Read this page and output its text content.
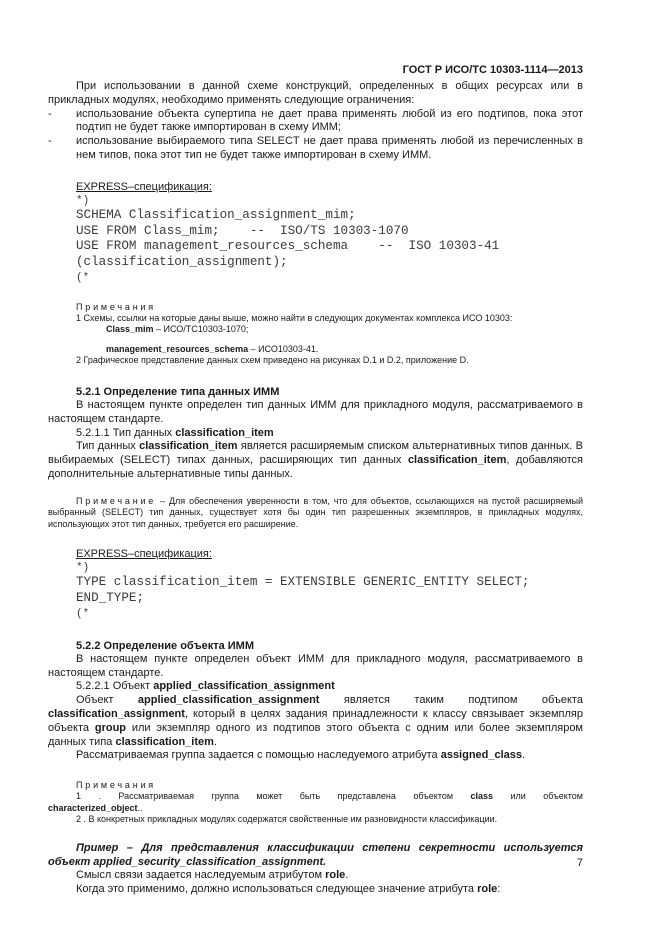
ГОСТ Р ИСО/ТС 10303-1114—2013

При использовании в данной схеме конструкций, определенных в общих ресурсах или в прикладных модулях, необходимо применять следующие ограничения:

-	использование объекта супертипа не дает права применять любой из его подтипов, пока этот подтип не будет также импортирован в схему ИММ;

-	использование выбираемого типа SELECT не дает права применять любой из перечисленных в нем типов, пока этот тип не будет также импортирован в схему ИММ.

EXPRESS–спецификация:
*)
SCHEMA Classification_assignment_mim;
USE FROM Class_mim;    --  ISO/TS 10303-1070
USE FROM management_resources_schema    --  ISO 10303-41
(classification_assignment);
(*
Примечания

1 Схемы, ссылки на которые даны выше, можно найти в следующих документах комплекса ИСО 10303:

Class_mim – ИСО/ТС10303-1070;

management_resources_schema – ИСО10303-41.

2 Графическое представление данных схем приведено на рисунках D.1 и D.2, приложение D.

5.2.1 Определение типа данных ИММ

В настоящем пункте определен тип данных ИММ для прикладного модуля, рассматриваемого в настоящем стандарте.

5.2.1.1 Тип данных classification_item

Тип данных classification_item является расширяемым списком альтернативных типов данных. В выбираемых (SELECT) типах данных, расширяющих тип данных classification_item, добавляются дополнительные альтернативные типы данных.

Примечание – Для обеспечения уверенности в том, что для объектов, ссылающихся на пустой расширяемый выбранный (SELECT) тип данных, существует хотя бы один тип разрешенных экземпляров, в прикладных модулях, использующих этот тип данных, требуется его расширение.

EXPRESS–спецификация:
*)
TYPE classification_item = EXTENSIBLE GENERIC_ENTITY SELECT;
END_TYPE;
(*
5.2.2 Определение объекта ИММ

В настоящем пункте определен объект ИММ для прикладного модуля, рассматриваемого в настоящем стандарте.

5.2.2.1 Объект applied_classification_assignment

Объект applied_classification_assignment является таким подтипом объекта

classification_assignment, который в целях задания принадлежности к классу связывает экземпляр объекта group или экземпляр одного из подтипов этого объекта с одним или более экземпляром данных типа classification_item.

Рассматриваемая группа задается с помощью наследуемого атрибута assigned_class.

Примечания

1 . Рассматриваемая группа может быть представлена объектом class или объектом

characterized_object..

2 . В конкретных прикладных модулях содержатся свойственные им разновидности классификации.

Пример – Для представления классификации степени секретности используется объект applied_security_classification_assignment.

Смысл связи задается наследуемым атрибутом role.

Когда это применимо, должно использоваться следующее значение атрибута role:

7
